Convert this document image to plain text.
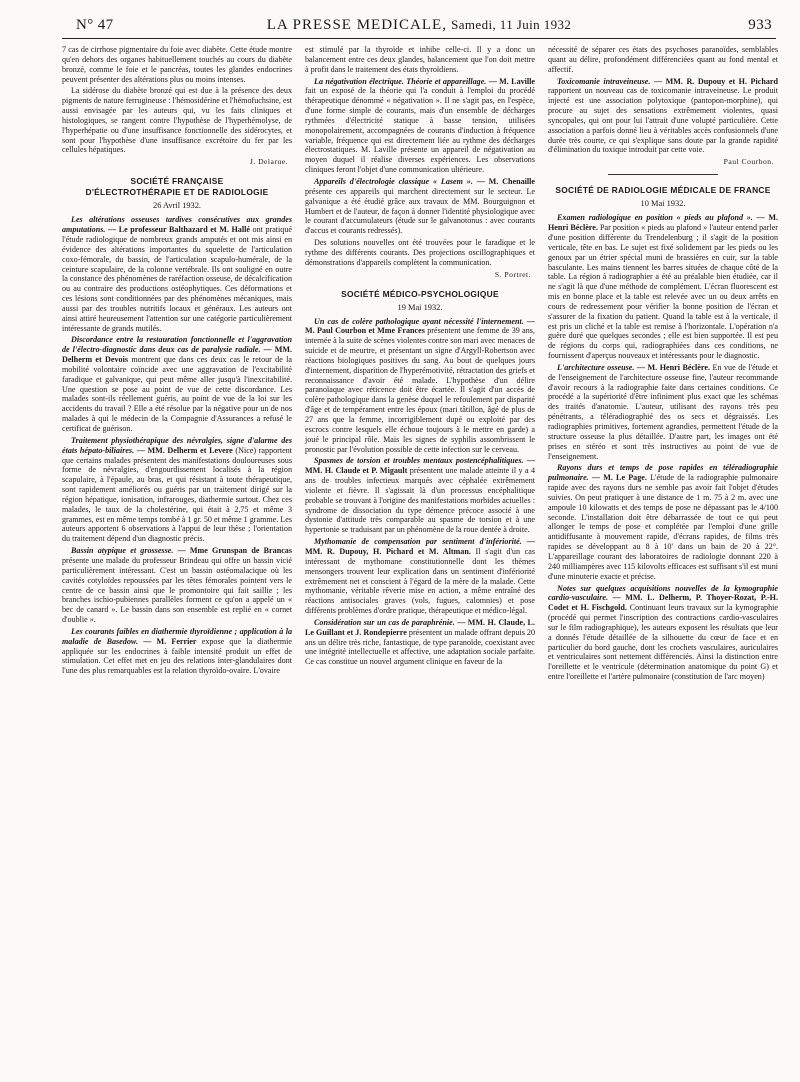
N° 47	LA PRESSE MEDICALE, Samedi, 11 Juin 1932	933

7 cas de cirrhose pigmentaire du foie avec diabète. Cette étude montre qu'en dehors des organes habituellement touchés au cours du diabète bronzé, comme le foie et le pancréas, toutes les glandes endocrines peuvent présenter des altérations plus ou moins intenses.

La sidérose du diabète bronzé qui est due à la présence des deux pigments de nature ferrugineuse : l'hémosidérine et l'hémofuchsine, est aussi envisagée par les auteurs qui, vu les faits cliniques et histologiques, se rangent contre l'hypothèse de l'hyperhémolyse, de l'hyperhépatie ou d'une insuffisance fonctionnelle des sidérocytes, et sont pour l'hypothèse d'une insuffisance excrétoire du fer par les cellules hépatiques.

J. Delarue.
SOCIÉTÉ FRANÇAISE
D'ÉLECTROTHÉRAPIE ET DE RADIOLOGIE
26 Avril 1932.

Les altérations osseuses tardives consécutives aux grandes amputations. — Le professeur Balthazard et M. Hallé ont pratiqué l'étude radiologique de nombreux grands amputés et ont mis ainsi en évidence des altérations importantes du squelette de l'articulation coxo-fémorale, du bassin, de l'articulation scapulo-humérale, de la ceinture scapulaire, de la colonne vertébrale. Ils ont souligné en outre la constance des phénomènes de raréfaction osseuse, de décalcification ou au contraire des productions ostéophytiques. Ces déformations et ces lésions sont conditionnées par des phénomènes mécaniques, mais aussi par des troubles nutritifs locaux et généraux. Les auteurs ont ainsi attiré heureusement l'attention sur une catégorie particulièrement intéressante de grands mutilés.

Discordance entre la restauration fonctionnelle et l'aggravation de l'électro-diagnostic dans deux cas de paralysie radiale. — MM. Delherm et Devois montrent que dans ces deux cas le retour de la mobilité volontaire coïncide avec une aggravation de l'excitabilité faradique et galvanique, qui peut même aller jusqu'à l'inexcitabilité. Une question se pose au point de vue de cette discordance. Les malades sont-ils réellement guéris, au point de vue de la loi sur les accidents du travail ? Elle a été résolue par la négative pour un de nos malades à qui le médecin de la Compagnie d'Assurances a refusé le certificat de guérison.

Traitement physiothérapique des névralgies, signe d'alarme des états hépato-biliaires. — MM. Delherm et Levere (Nice) rapportent que certains malades présentent des manifestations douloureuses sous forme de névralgies, d'engourdissement localisés à la région scapulaire, à l'épaule, au bras, et qui résistant à toute thérapeutique, sont rapidement améliorés ou guéris par un traitement dirigé sur la région hépatique, ionisation, infrarouges, diathermie surtout. Chez ces malades, le taux de la cholestérine, qui était à 2,75 et même 3 grammes, est en même temps tombé à 1 gr. 50 et même 1 gramme. Les auteurs apportent 6 observations à l'appui de leur thèse ; l'orientation du traitement dépend d'un diagnostic précis.

Bassin atypique et grossesse. — Mme Grunspan de Brancas présente une malade du professeur Brindeau qui offre un bassin vicié particulièrement intéressant. C'est un bassin ostéomalacique où les cavités cotyloïdes repoussées par les têtes fémorales pointent vers le centre de ce bassin ainsi que le promontoire qui fait saillie ; les branches ischio-pubiennes parallèles forment ce qu'on a appelé un « bec de canard ». Le bassin dans son ensemble est replié en « cornet d'oublie ».

Les courants faibles en diathermie thyroïdienne ; application à la maladie de Basedow. — M. Ferrier expose que la diathermie appliquée sur les endocrines à faible intensité produit un effet de stimulation. Cet effet met en jeu des relations inter-glandulaires dont l'une des plus remarquables est la relation thyroïdo-ovaire. L'ovaire

est stimulé par la thyroïde et inhibe celle-ci. Il y a donc un balancement entre ces deux glandes, balancement que l'on doit mettre à profit dans le traitement des états thyroïdiens.

La négativation électrique. Théorie et appareillage. — M. Laville fait un exposé de la théorie qui l'a conduit à l'emploi du procédé thérapeutique dénommé « négativation ». Il ne s'agit pas, en l'espèce, d'une forme simple de courants, mais d'un ensemble de décharges rythmées d'électricité statique à basse tension, utilisées monopolairement, accompagnées de courants d'induction à fréquence variable, fréquence qui est directement liée au rythme des décharges électrostatiques. M. Laville présente un appareil de négativation au moyen duquel il réalise diverses expériences. Les observations cliniques feront l'objet d'une communication ultérieure.

Appareils d'électrologie classique « Lasem ». — M. Chenaille présente ces appareils qui marchent directement sur le secteur. Le galvanique a été étudié grâce aux travaux de MM. Bourguignon et Humbert et de l'auteur, de façon à donner l'identité physiologique avec le courant d'accumulateurs (étude sur le galvanotonus : avec courants d'accus et courants redressés).

Des solutions nouvelles ont été trouvées pour le faradique et le rythme des différents courants. Des projections oscillographiques et démonstrations d'appareils complètent la communication.

S. Portret.
SOCIÉTÉ MÉDICO-PSYCHOLOGIQUE
19 Mai 1932.

Un cas de colère pathologique ayant nécessité l'internement. — M. Paul Courbon et Mme Frances présentent une femme de 39 ans, internée à la suite de scènes violentes contre son mari avec menaces de suicide et de meurtre, et présentant un signe d'Argyll-Robertson avec réactions biologiques positives du sang. Au bout de quelques jours d'internement, disparition de l'hyperémotivité, rétractation des griefs et reconnaissance d'avoir été malade. L'hypothèse d'un délire paranoïaque avec réticence doit être écartée. Il s'agit d'un accès de colère pathologique dans la genèse duquel le refoulement par disparité d'âge et de tempérament entre les époux (mari tâtillon, âgé de plus de 27 ans que la femme, incorrigiblement dupé ou exploité par des escrocs contre lesquels elle échoue toujours à le mettre en garde) a joué le principal rôle. Mais les signes de syphilis assombrissent le pronostic par l'évolution possible de cette infection sur le cerveau.

Spasmes de torsion et troubles mentaux postencéphalitiques. — MM. H. Claude et P. Migault présentent une malade atteinte il y a 4 ans de troubles infectieux marqués avec céphalée extrêmement violente et fièvre. Il s'agissait là d'un processus encéphalitique probable se trouvant à l'origine des manifestations morbides actuelles : syndrome de dissociation du type démence précoce associé à une dystonie d'attitude très comparable au spasme de torsion et à une hypertonie se traduisant par un phénomène de la roue dentée à droite.

Mythomanie de compensation par sentiment d'infériorité. — MM. R. Dupouy, H. Pichard et M. Altman. Il s'agit d'un cas intéressant de mythomane constitutionnelle dont les thèmes mensongers trouvent leur explication dans un sentiment d'infériorité extrêmement net et conscient à l'égard de la mère de la malade. Cette mythomanie, véritable rêverie mise en action, a même entraîné des réactions antisociales graves (vols, fugues, calomnies) et pose différents problèmes d'ordre pratique, thérapeutique et médico-légal.

Considération sur un cas de paraphrénie. — MM. H. Claude, L. Le Guillant et J. Rondepierre présentent un malade offrant depuis 20 ans un délire très riche, fantastique, de type paranoïde, coexistant avec une intégrité intellectuelle et affective, une adaptation sociale parfaite. Ce cas constitue un nouvel argument clinique en faveur de la

nécessité de séparer ces états des psychoses paranoïdes, semblables quant au délire, profondément différenciées quant au fond mental et affectif.

Toxicomanie intraveineuse. — MM. R. Dupouy et H. Pichard rapportent un nouveau cas de toxicomanie intraveineuse. Le produit injecté est une association polytoxique (pantopon-morphine), qui procure au sujet des sensations extrêmement violentes, quasi syncopales, qui ont pour lui l'attrait d'une volupté particulière. Cette association a parfois donné lieu à véritables accès confusionnels d'une durée très courte, ce qui s'explique sans doute par la grande rapidité d'élimination du toxique introduit par cette voie.

Paul Courbon.
SOCIÉTÉ DE RADIOLOGIE MÉDICALE DE FRANCE
10 Mai 1932.

Examen radiologique en position « pieds au plafond ». — M. Henri Béclère. Par position « pieds au plafond » l'auteur entend parler d'une position différente du Trendelenburg ; il s'agit de la position verticale, tête en bas. Le sujet est fixé solidement par les pieds ou les genoux par un étrier spécial muni de brassières en cuir, sur la table basculante. Les mains tiennent les barres situées de chaque côté de la table. La région à radiographier a été au préalable bien étudiée, car il ne s'agit là que d'une méthode de complément. L'écran fluorescent est mis en bonne place et la table est relevée avec un ou deux arrêts en cours de redressement pour vérifier la bonne position de l'écran et s'assurer de la fixation du patient. Quand la table est à la verticale, il est pris un cliché et la table est remise à l'horizontale. L'opération n'a guère duré que quelques secondes ; elle est bien supportée. Il est peu de régions du corps qui, radiographiées dans ces conditions, ne fournissent d'aperçus nouveaux et intéressants pour le diagnostic.

L'architecture osseuse. — M. Henri Béclère. En vue de l'étude et de l'enseignement de l'architecture osseuse fine, l'auteur recommande d'avoir recours à la radiographie faite dans certaines conditions. Ce procédé a la supériorité d'être infiniment plus exact que les schémas des traités d'anatomie. L'auteur, utilisant des rayons très peu pénétrants, a téléradiographié des os secs et dégraissés. Les radiographies primitives, fortement agrandies, permettent l'étude de la structure osseuse la plus détaillée. D'autre part, les images ont été prises en stéréo et sont très instructives au point de vue de l'enseignement.

Rayons durs et temps de pose rapides en téléradiographie pulmonaire. — M. Le Page. L'étude de la radiographie pulmonaire rapide avec des rayons durs ne semble pas avoir fait l'objet d'études suivies. On peut pratiquer à une distance de 1 m. 75 à 2 m. avec une ampoule 10 kilowatts et des temps de pose ne dépassant pas le 4/100 seconde. L'installation doit être débarrassée de tout ce qui peut allonger le temps de pose et complétée par l'emploi d'une grille antidiffusante à mouvement rapide, d'écrans rapides, de films très rapides se développant au 8 à 10' dans un bain de 20 à 22°. L'appareillage courant des laboratoires de radiologie donnant 220 à 240 milliampères avec 115 kilovolts efficaces est suffisant s'il est muni d'une minuterie exacte et précise.

Notes sur quelques acquisitions nouvelles de la kymographie cardio-vasculaire. — MM. L. Delherm, P. Thoyer-Rozat, P.-H. Codet et H. Fischgold. Continuant leurs travaux sur la kymographie (procédé qui permet l'inscription des contractions cardio-vasculaires sur le film radiographique), les auteurs exposent les résultats que leur a donnés l'étude détaillée de la silhouette du cœur de face et en particulier du bord gauche, dont les crochets vasculaires, auriculaires et ventriculaires sont nettement différenciés. Ainsi la distinction entre l'oreillette et le ventricule (détermination anatomique du point G) et entre l'oreillette et l'artère pulmonaire (constitution de l'arc moyen)
